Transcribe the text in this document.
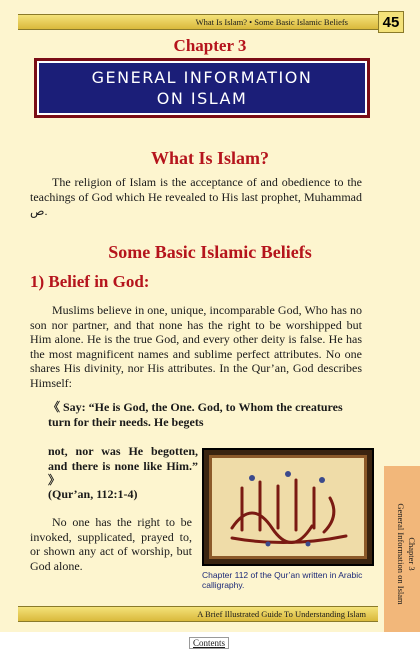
What Is Islam? • Some Basic Islamic Beliefs	45
Chapter 3
GENERAL INFORMATION
ON ISLAM
What Is Islam?

The religion of Islam is the acceptance of and obedience to the teachings of God which He revealed to His last prophet, Muhammad ص.

Some Basic Islamic Beliefs
1) Belief in God:

Muslims believe in one, unique, incomparable God, Who has no son nor partner, and that none has the right to be worshipped but Him alone. He is the true God, and every other deity is false. He has the most magnificent names and sublime perfect attributes. No one shares His divinity, nor His attributes. In the Qur’an, God describes Himself:

《 Say: “He is God, the One. God, to Whom the creatures turn for their needs. He begets
not, nor was He begotten, and there is none like Him.” 》
(Qur’an, 112:1-4)

No one has the right to be invoked, supplicated, prayed to, or shown any act of worship, but God alone.

Chapter 112 of the Qur’an written in Arabic calligraphy.
Chapter 3
General Information on Islam
A Brief Illustrated Guide To Understanding Islam
Contents
